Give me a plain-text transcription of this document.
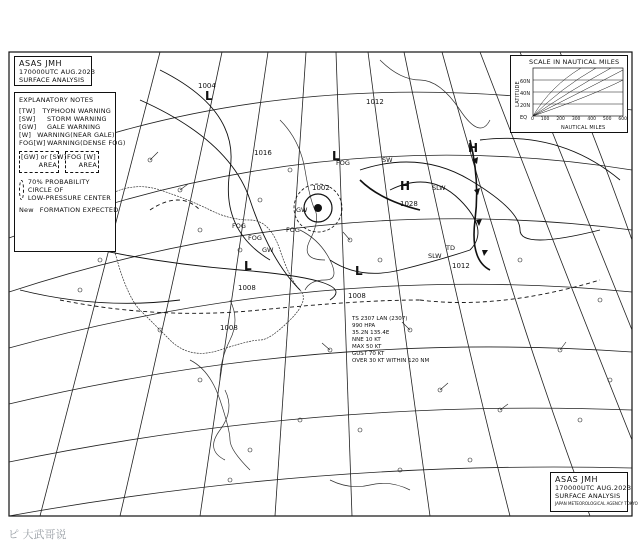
L
L
L
H
H
L
1004
1008
1008
1012
1028
1002
1016
1012
1008
SLW
SLW
TD
FOG
FOG
FOG
FOG	SW
GW
GW
TS 2307 LAN (2307)
990 HPA
35.2N 135.4E
NNE 10 KT
MAX 50 KT
GUST 70 KT
OVER 30 KT WITHIN 120 NM
ASAS JMH
170000UTC AUG.2023
SURFACE ANALYSIS
EXPLANATORY NOTES
[TW] TYPHOON WARNING
[SW]	STORM WARNING
[GW]	GALE WARNING
[W] WARNING(NEAR GALE)
FOG[W] WARNING(DENSE FOG)
[GW] or [SW]
AREA
FOG [W]
AREA
70% PROBABILITY
CIRCLE OF
LOW-PRESSURE CENTER
New FORMATION EXPECTED
SCALE IN NAUTICAL MILES
LATITUDE 60N
40N
20N
EQ 0 100 200 300 400 500 600
NAUTICAL MILES
ASAS JMH
170000UTC AUG.2023
SURFACE ANALYSIS
JAPAN METEOROLOGICAL AGENCY TOKYO
ピ 大武哥说
